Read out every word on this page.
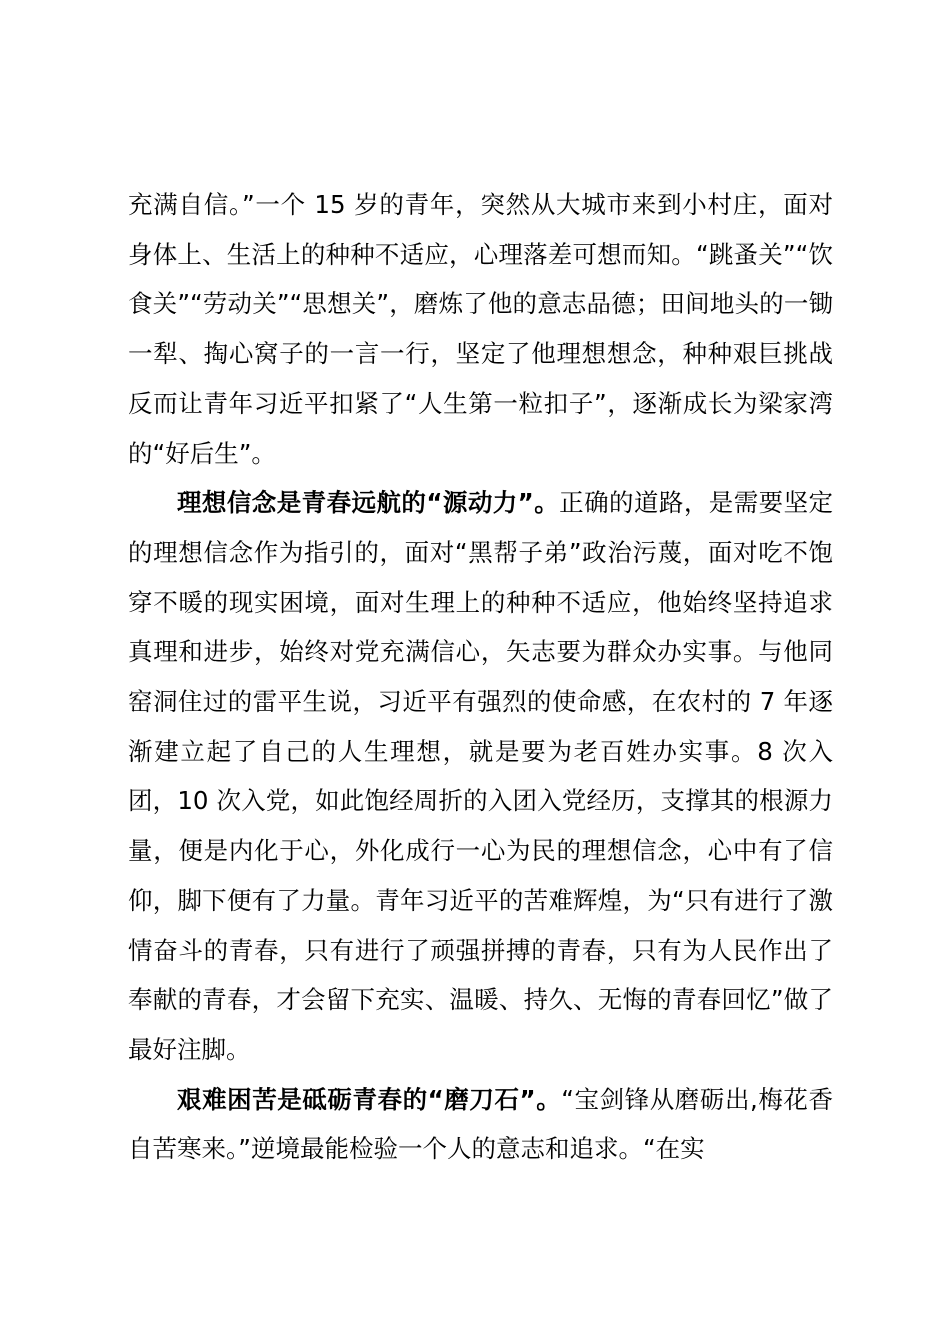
充满自信。”一个 15 岁的青年，突然从大城市来到小村庄，面对身体上、生活上的种种不适应，心理落差可想而知。“跳蚤关”“饮食关”“劳动关”“思想关”，磨炼了他的意志品德；田间地头的一锄一犁、掏心窝子的一言一行，坚定了他理想想念，种种艰巨挑战反而让青年习近平扣紧了“人生第一粒扣子”，逐渐成长为梁家湾的“好后生”。

理想信念是青春远航的“源动力”。正确的道路，是需要坚定的理想信念作为指引的，面对“黑帮子弟”政治污蔑，面对吃不饱穿不暖的现实困境，面对生理上的种种不适应，他始终坚持追求真理和进步，始终对党充满信心，矢志要为群众办实事。与他同窑洞住过的雷平生说，习近平有强烈的使命感，在农村的 7 年逐渐建立起了自己的人生理想，就是要为老百姓办实事。8 次入团，10 次入党，如此饱经周折的入团入党经历，支撑其的根源力量，便是内化于心，外化成行一心为民的理想信念，心中有了信仰，脚下便有了力量。青年习近平的苦难辉煌，为“只有进行了激情奋斗的青春，只有进行了顽强拼搏的青春，只有为人民作出了奉献的青春，才会留下充实、温暖、持久、无悔的青春回忆”做了最好注脚。

艰难困苦是砥砺青春的“磨刀石”。“宝剑锋从磨砺出,梅花香自苦寒来。”逆境最能检验一个人的意志和追求。“在实
